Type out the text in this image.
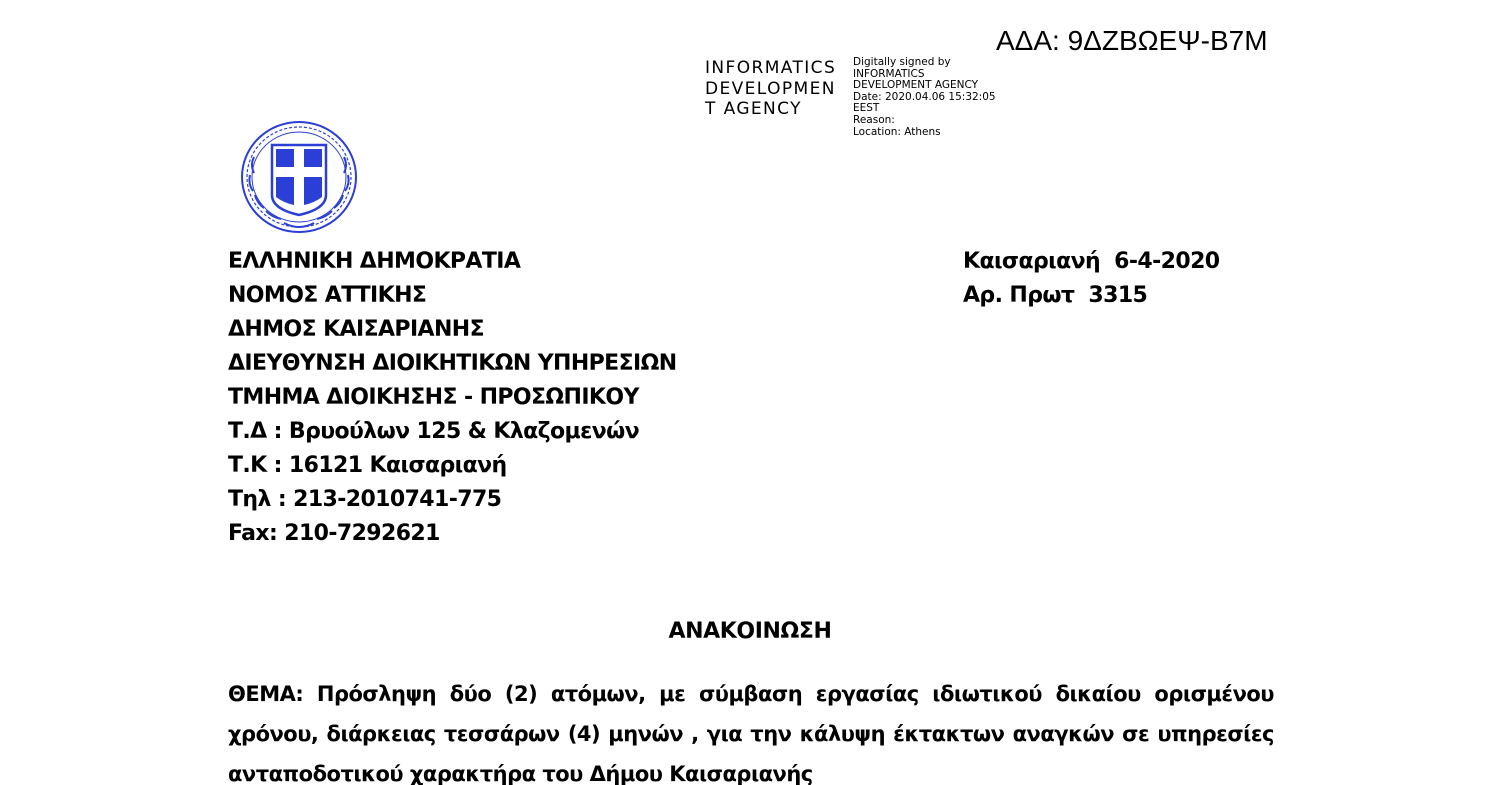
ΑΔΑ: 9ΔΖΒΩΕΨ-Β7Μ
INFORMATICS
DEVELOPMEN
T AGENCY
Digitally signed by
INFORMATICS
DEVELOPMENT AGENCY
Date: 2020.04.06 15:32:05
EEST
Reason:
Location: Athens
ΕΛΛΗΝΙΚΗ ΔΗΜΟΚΡΑΤΙΑ
ΝΟΜΟΣ ΑΤΤΙΚΗΣ
ΔΗΜΟΣ ΚΑΙΣΑΡΙΑΝΗΣ
ΔΙΕΥΘΥΝΣΗ ΔΙΟΙΚΗΤΙΚΩΝ ΥΠΗΡΕΣΙΩΝ
ΤΜΗΜΑ ΔΙΟΙΚΗΣΗΣ - ΠΡΟΣΩΠΙΚΟΥ
Τ.Δ : Βρυούλων 125 & Κλαζομενών
Τ.Κ : 16121 Καισαριανή
Τηλ : 213-2010741-775
Fax: 210-7292621
Καισαριανή  6-4-2020
Αρ. Πρωτ  3315
ΑΝΑΚΟΙΝΩΣΗ
ΘΕΜΑ: Πρόσληψη δύο (2) ατόμων, με σύμβαση εργασίας ιδιωτικού δικαίου ορισμένου χρόνου, διάρκειας τεσσάρων (4) μηνών , για την κάλυψη έκτακτων αναγκών σε υπηρεσίες ανταποδοτικού χαρακτήρα του Δήμου Καισαριανής
